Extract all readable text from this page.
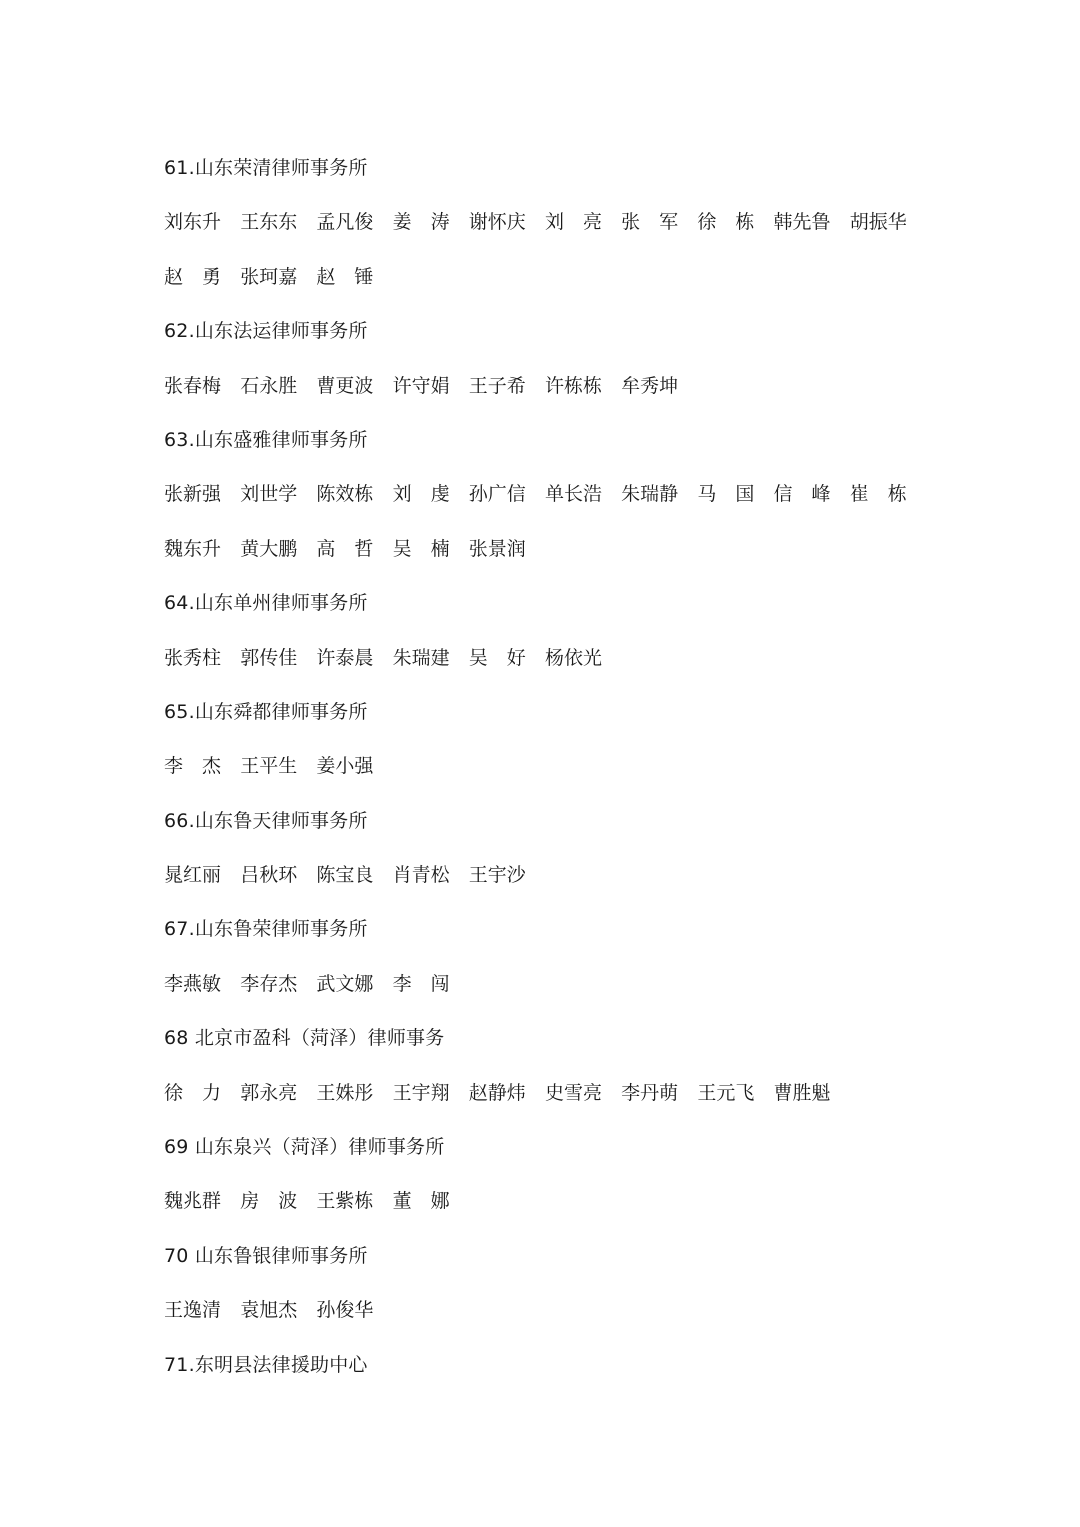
61.山东荣清律师事务所
刘东升 王东东 孟凡俊 姜　涛 谢怀庆 刘　亮 张　军 徐　栋 韩先鲁 胡振华
赵　勇 张珂嘉 赵　锤
62.山东法运律师事务所
张春梅 石永胜 曹更波 许守娟 王子希 许栋栋 牟秀坤
63.山东盛雅律师事务所
张新强 刘世学 陈效栋 刘　虔 孙广信 单长浩 朱瑞静 马　国 信　峰 崔　栋
魏东升 黄大鹏 高　哲 吴　楠 张景润
64.山东单州律师事务所
张秀柱 郭传佳 许泰晨 朱瑞建 吴　好 杨依光
65.山东舜都律师事务所
李　杰 王平生 姜小强
66.山东鲁天律师事务所
晁红丽 吕秋环 陈宝良 肖青松 王宇沙
67.山东鲁荣律师事务所
李燕敏 李存杰 武文娜 李　闯
68 北京市盈科（菏泽）律师事务
徐　力 郭永亮 王姝彤 王宇翔 赵静炜 史雪亮 李丹萌 王元飞 曹胜魁
69 山东泉兴（菏泽）律师事务所
魏兆群 房　波 王紫栋 董　娜
70 山东鲁银律师事务所
王逸清 袁旭杰 孙俊华
71.东明县法律援助中心
